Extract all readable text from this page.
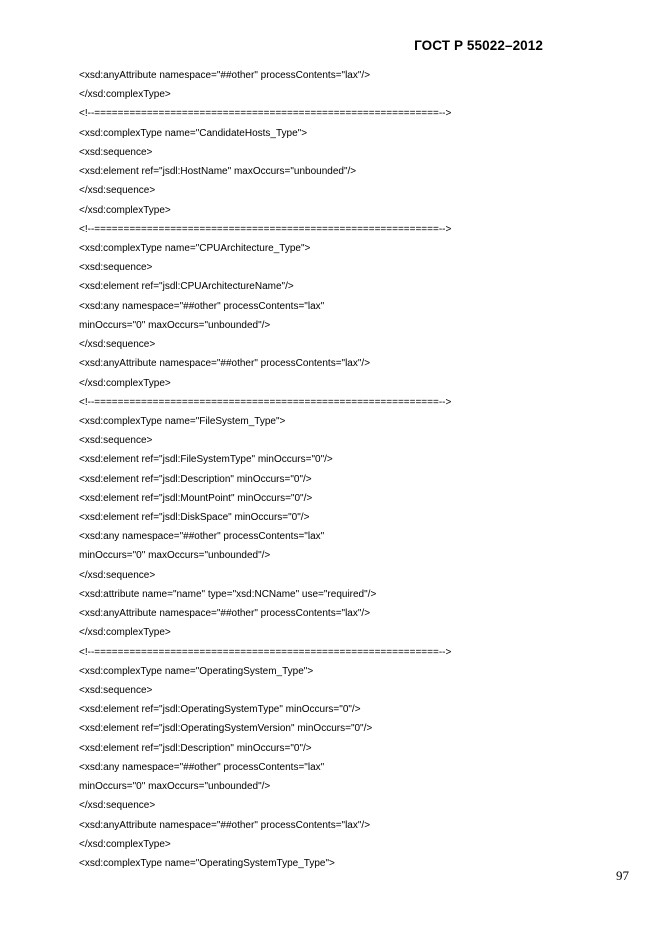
ГОСТ Р 55022–2012
<xsd:anyAttribute namespace="##other" processContents="lax"/>
</xsd:complexType>
<!--===========================================================-->
<xsd:complexType name="CandidateHosts_Type">
<xsd:sequence>
<xsd:element ref="jsdl:HostName" maxOccurs="unbounded"/>
</xsd:sequence>
</xsd:complexType>
<!--===========================================================-->
<xsd:complexType name="CPUArchitecture_Type">
<xsd:sequence>
<xsd:element ref="jsdl:CPUArchitectureName"/>
<xsd:any namespace="##other" processContents="lax"
minOccurs="0" maxOccurs="unbounded"/>
</xsd:sequence>
<xsd:anyAttribute namespace="##other" processContents="lax"/>
</xsd:complexType>
<!--===========================================================-->
<xsd:complexType name="FileSystem_Type">
<xsd:sequence>
<xsd:element ref="jsdl:FileSystemType" minOccurs="0"/>
<xsd:element ref="jsdl:Description" minOccurs="0"/>
<xsd:element ref="jsdl:MountPoint" minOccurs="0"/>
<xsd:element ref="jsdl:DiskSpace" minOccurs="0"/>
<xsd:any namespace="##other" processContents="lax"
minOccurs="0" maxOccurs="unbounded"/>
</xsd:sequence>
<xsd:attribute name="name" type="xsd:NCName" use="required"/>
<xsd:anyAttribute namespace="##other" processContents="lax"/>
</xsd:complexType>
<!--===========================================================-->
<xsd:complexType name="OperatingSystem_Type">
<xsd:sequence>
<xsd:element ref="jsdl:OperatingSystemType" minOccurs="0"/>
<xsd:element ref="jsdl:OperatingSystemVersion" minOccurs="0"/>
<xsd:element ref="jsdl:Description" minOccurs="0"/>
<xsd:any namespace="##other" processContents="lax"
minOccurs="0" maxOccurs="unbounded"/>
</xsd:sequence>
<xsd:anyAttribute namespace="##other" processContents="lax"/>
</xsd:complexType>
<xsd:complexType name="OperatingSystemType_Type">
97
